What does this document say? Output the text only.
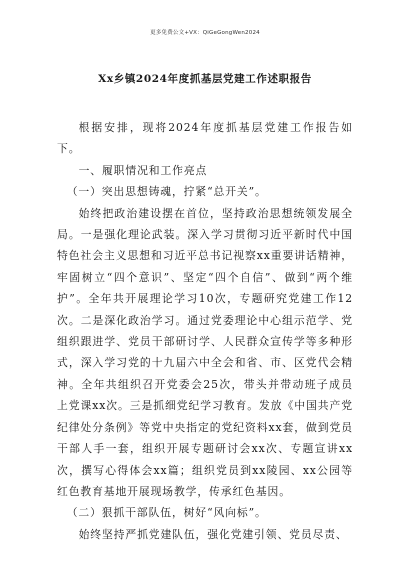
更多免费公文+VX：QiGeGongWen2024
Xx乡镇2024年度抓基层党建工作述职报告

根据安排，现将2024年度抓基层党建工作报告如下。

一、履职情况和工作亮点

（一）突出思想铸魂，拧紧“总开关”。

始终把政治建设摆在首位，坚持政治思想统领发展全局。一是强化理论武装。深入学习贯彻习近平新时代中国特色社会主义思想和习近平总书记视察xx重要讲话精神，牢固树立“四个意识”、坚定“四个自信”、做到“两个维护”。全年共开展理论学习10次，专题研究党建工作12次。二是深化政治学习。通过党委理论中心组示范学、党组织跟进学、党员干部研讨学、人民群众宣传学等多种形式，深入学习党的十九届六中全会和省、市、区党代会精神。全年共组织召开党委会25次，带头并带动班子成员上党课xx次。三是抓细党纪学习教育。发放《中国共产党纪律处分条例》等党中央指定的党纪资料xx套，做到党员干部人手一套，组织开展专题研讨会xx次、专题宣讲xx次，撰写心得体会xx篇；组织党员到xx陵园、xx公园等红色教育基地开展现场教学，传承红色基因。

（二）狠抓干部队伍，树好“风向标”。

始终坚持严抓党建队伍，强化党建引领、党员尽责、
